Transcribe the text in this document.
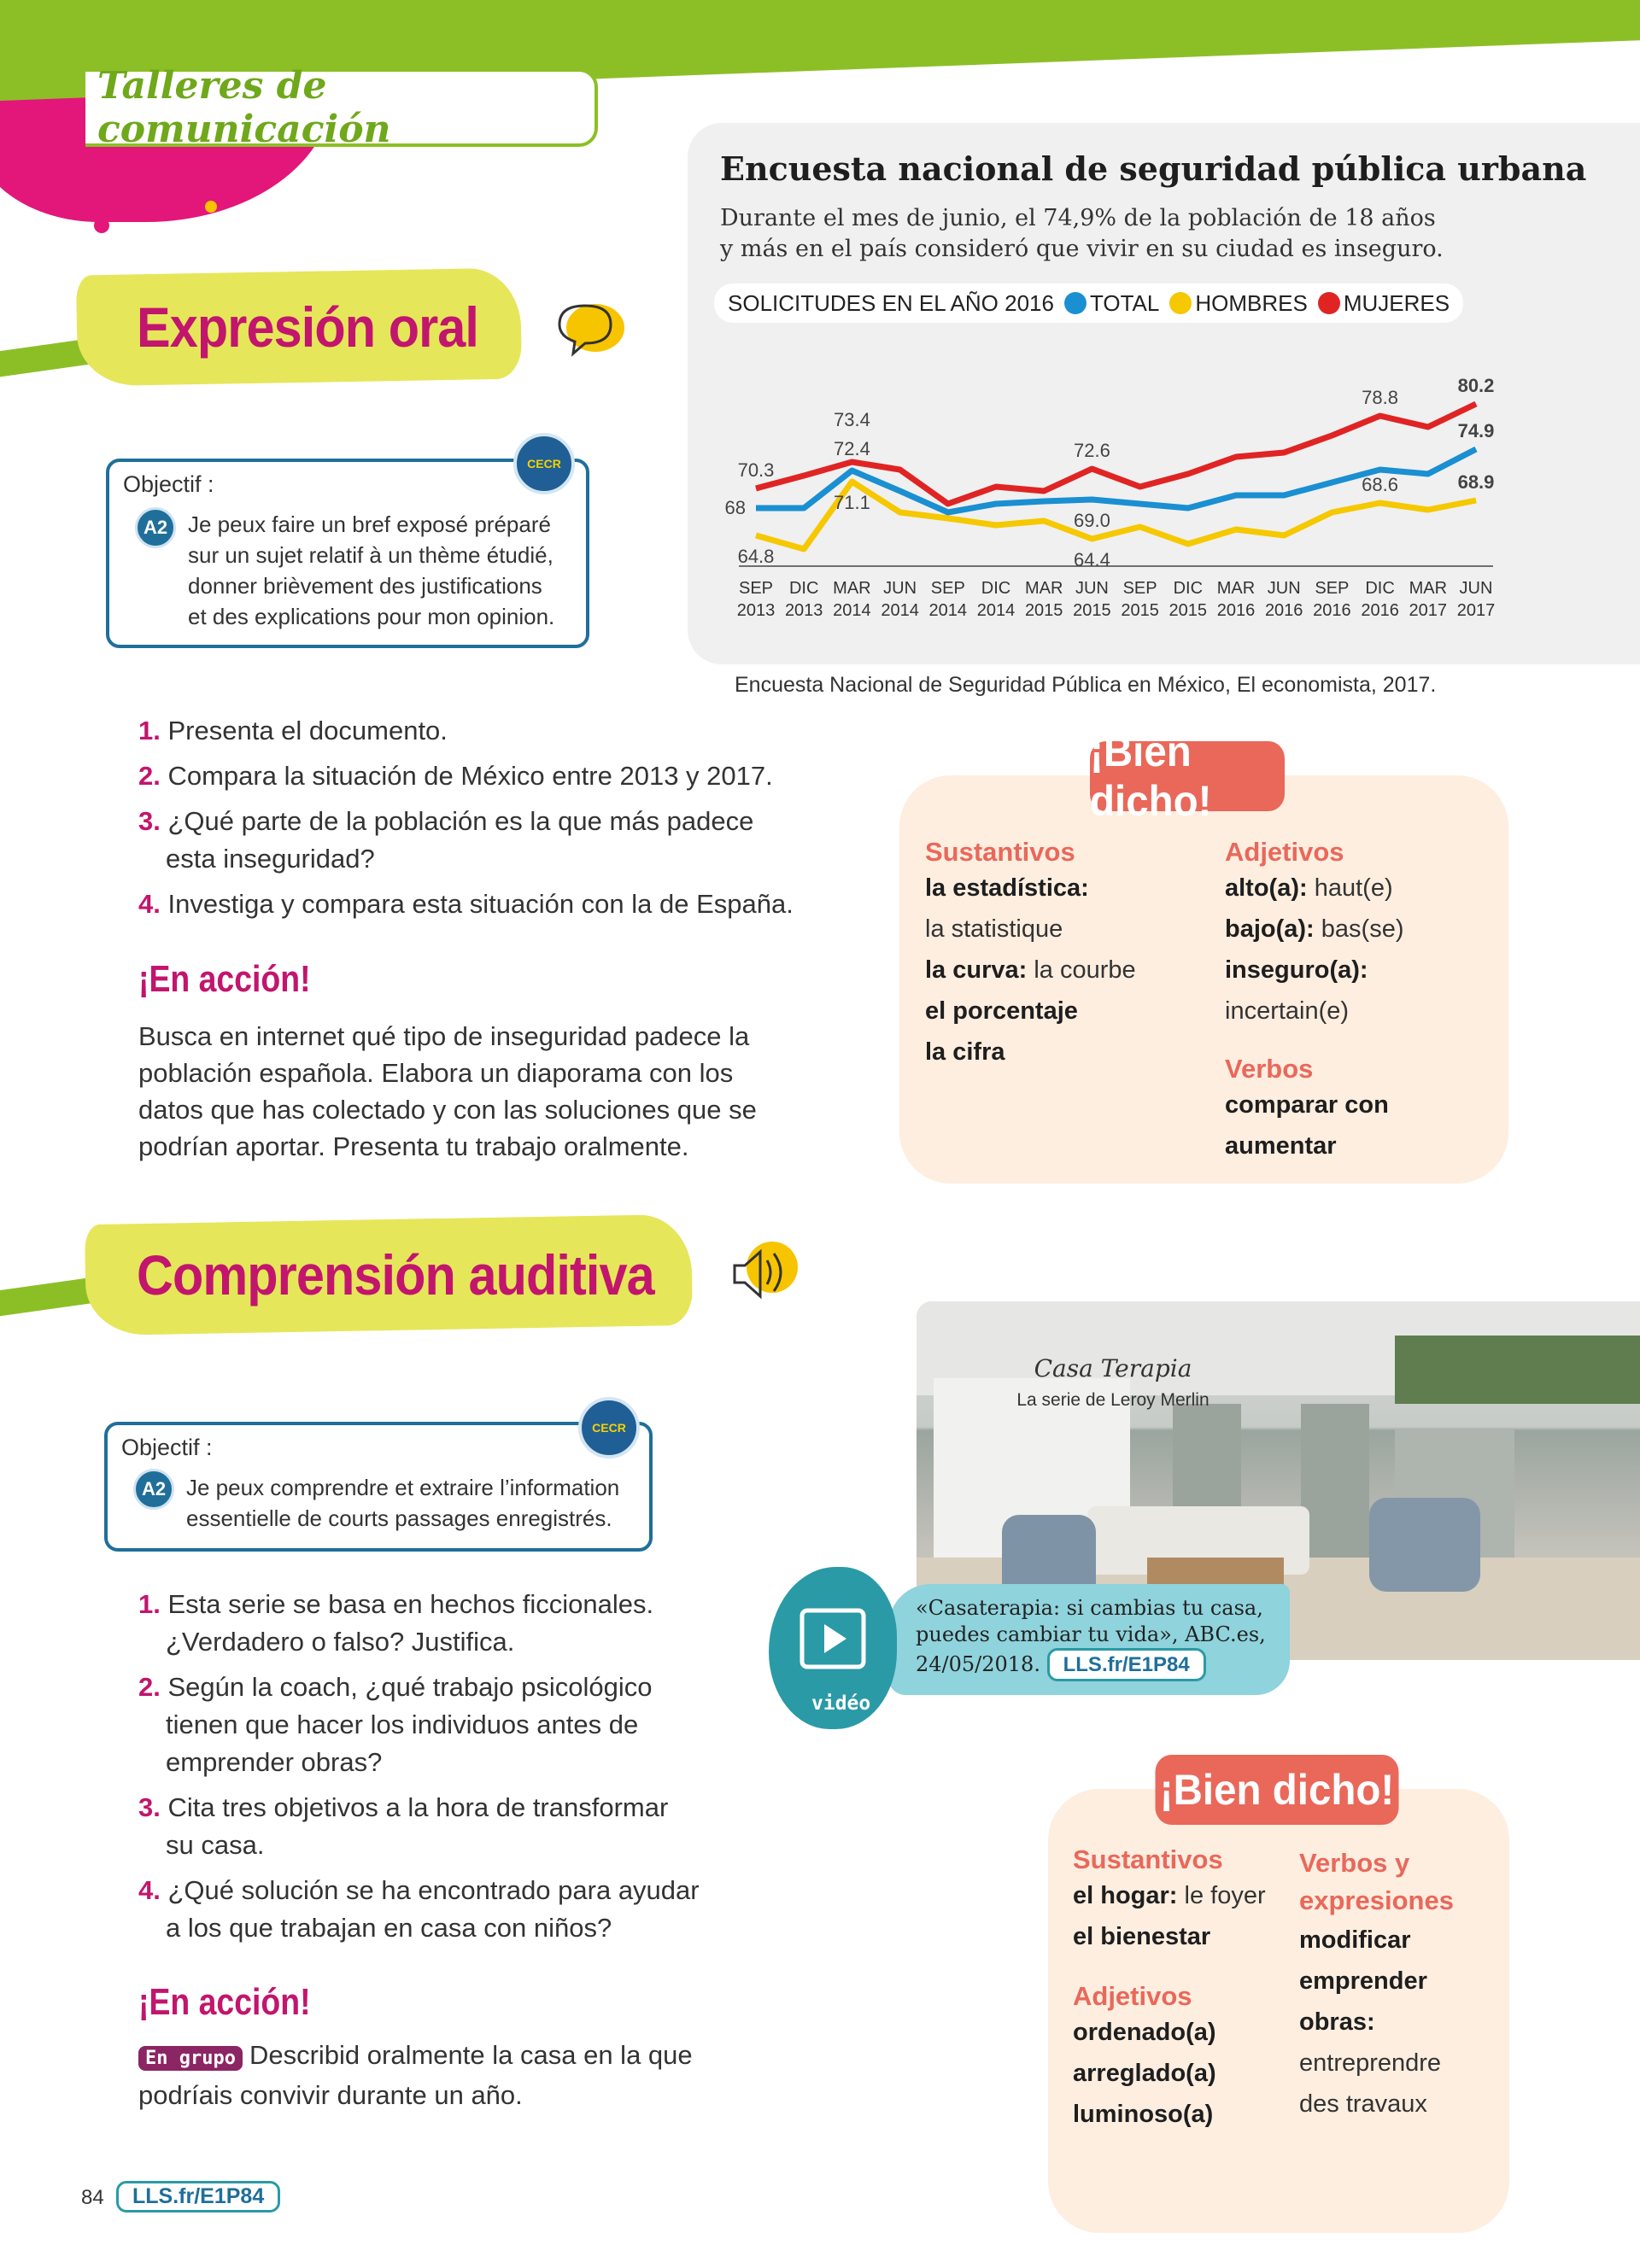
Talleres de comunicación
Expresión oral
CECR
Objectif :
A2 Je peux faire un bref exposé préparé
sur un sujet relatif à un thème étudié,
donner brièvement des justifications
et des explications pour mon opinion.
1. Presenta el documento.
2. Compara la situación de México entre 2013 y 2017.
3. ¿Qué parte de la población es la que más padece
esta inseguridad?
4. Investiga y compara esta situación con la de España.
¡En acción!
Busca en internet qué tipo de inseguridad padece la
población española. Elabora un diaporama con los
datos que has colectado y con las soluciones que se
podrían aportar. Presenta tu trabajo oralmente.
Encuesta nacional de seguridad pública urbana
Durante el mes de junio, el 74,9% de la población de 18 años
y más en el país consideró que vivir en su ciudad es inseguro.
SOLICITUDES EN EL AÑO 2016 TOTAL HOMBRES MUJERES
SEP
2013
DIC
2013
MAR
2014
JUN
2014
SEP
2014
DIC
2014
MAR
2015
JUN
2015
SEP
2015
DIC
2015
MAR
2016
JUN
2016
SEP
2016
DIC
2016
MAR
2017
JUN
2017
70.3
68
64.8
73.4
72.4
71.1
72.6
69.0
64.4
78.8
68.6
80.2
74.9
68.9
Encuesta Nacional de Seguridad Pública en México, El economista, 2017.
¡Bien dicho!
Sustantivos
la estadística:
la statistique
la curva: la courbe
el porcentaje
la cifra
Adjetivos
alto(a): haut(e)
bajo(a): bas(se)
inseguro(a): incertain(e)
Verbos
comparar con
aumentar
Comprensión auditiva
CECR
Objectif :
A2 Je peux comprendre et extraire l’information
essentielle de courts passages enregistrés.
1. Esta serie se basa en hechos ficcionales.
¿Verdadero o falso? Justifica.
2. Según la coach, ¿qué trabajo psicológico
tienen que hacer los individuos antes de
emprender obras?
3. Cita tres objetivos a la hora de transformar
su casa.
4. ¿Qué solución se ha encontrado para ayudar
a los que trabajan en casa con niños?
¡En acción!
En grupo Describid oralmente la casa en la que
podríais convivir durante un año.
Casa Terapia
La serie de Leroy Merlin
vidéo
«Casaterapia: si cambias tu casa,
puedes cambiar tu vida», ABC.es,
24/05/2018. LLS.fr/E1P84
¡Bien dicho!
Sustantivos
el hogar: le foyer
el bienestar
Adjetivos
ordenado(a)
arreglado(a)
luminoso(a)
Verbos y
expresiones
modificar
emprender
obras:
entreprendre
des travaux
84	LLS.fr/E1P84
